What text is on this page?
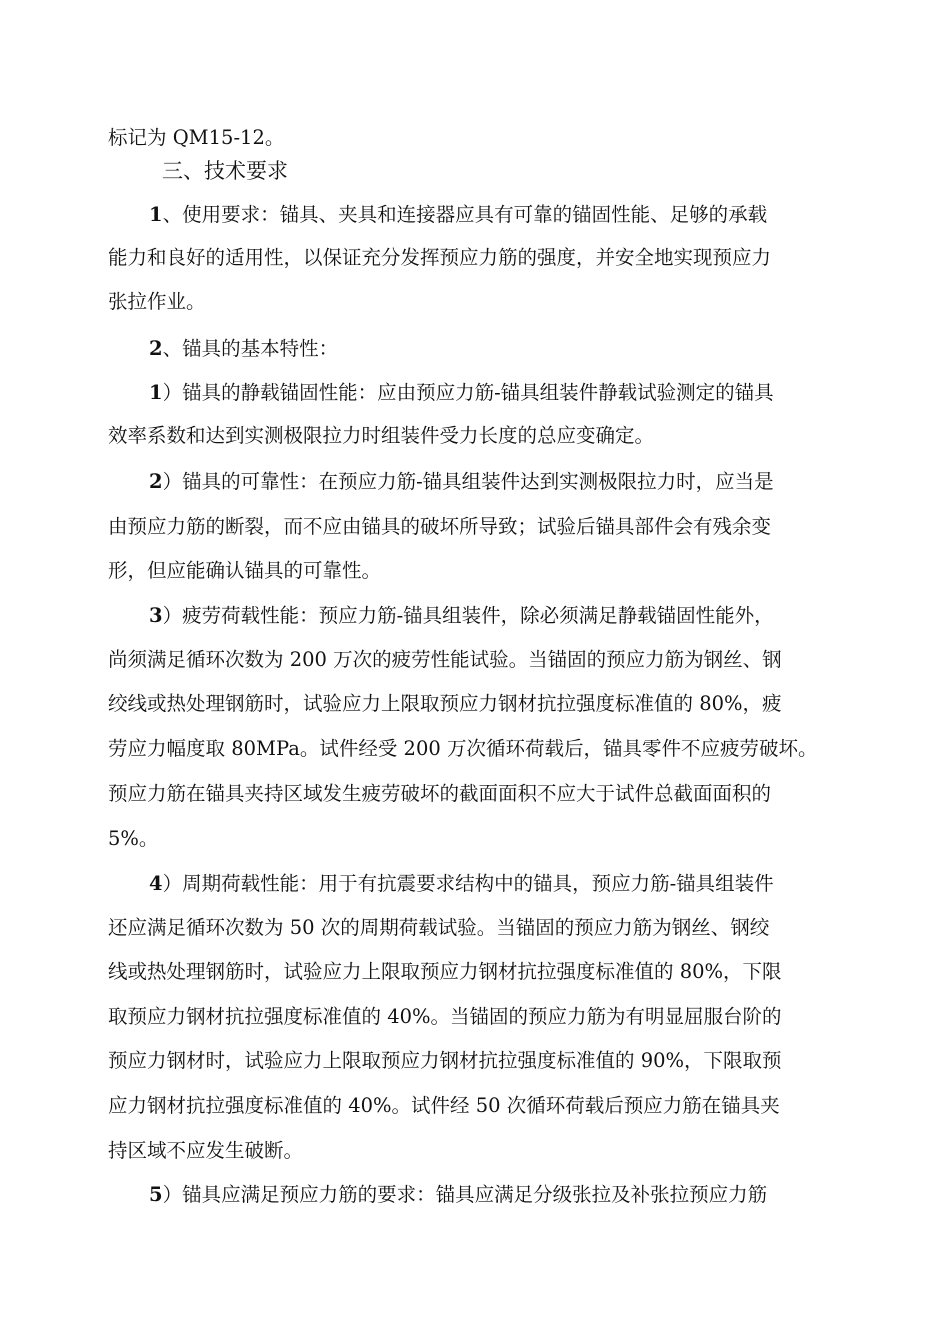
标记为 QM15-12。
三、技术要求
1、使用要求：锚具、夹具和连接器应具有可靠的锚固性能、足够的承载
能力和良好的适用性，以保证充分发挥预应力筋的强度，并安全地实现预应力
张拉作业。
2、锚具的基本特性：
1）锚具的静载锚固性能：应由预应力筋-锚具组装件静载试验测定的锚具
效率系数和达到实测极限拉力时组装件受力长度的总应变确定。
2）锚具的可靠性：在预应力筋-锚具组装件达到实测极限拉力时，应当是
由预应力筋的断裂，而不应由锚具的破坏所导致；试验后锚具部件会有残余变
形，但应能确认锚具的可靠性。
3）疲劳荷载性能：预应力筋-锚具组装件，除必须满足静载锚固性能外，
尚须满足循环次数为 200 万次的疲劳性能试验。当锚固的预应力筋为钢丝、钢
绞线或热处理钢筋时，试验应力上限取预应力钢材抗拉强度标准值的 80%，疲
劳应力幅度取 80MPa。试件经受 200 万次循环荷载后，锚具零件不应疲劳破坏。
预应力筋在锚具夹持区域发生疲劳破坏的截面面积不应大于试件总截面面积的
5%。
4）周期荷载性能：用于有抗震要求结构中的锚具，预应力筋-锚具组装件
还应满足循环次数为 50 次的周期荷载试验。当锚固的预应力筋为钢丝、钢绞
线或热处理钢筋时，试验应力上限取预应力钢材抗拉强度标准值的 80%，下限
取预应力钢材抗拉强度标准值的 40%。当锚固的预应力筋为有明显屈服台阶的
预应力钢材时，试验应力上限取预应力钢材抗拉强度标准值的 90%，下限取预
应力钢材抗拉强度标准值的 40%。试件经 50 次循环荷载后预应力筋在锚具夹
持区域不应发生破断。
5）锚具应满足预应力筋的要求：锚具应满足分级张拉及补张拉预应力筋
